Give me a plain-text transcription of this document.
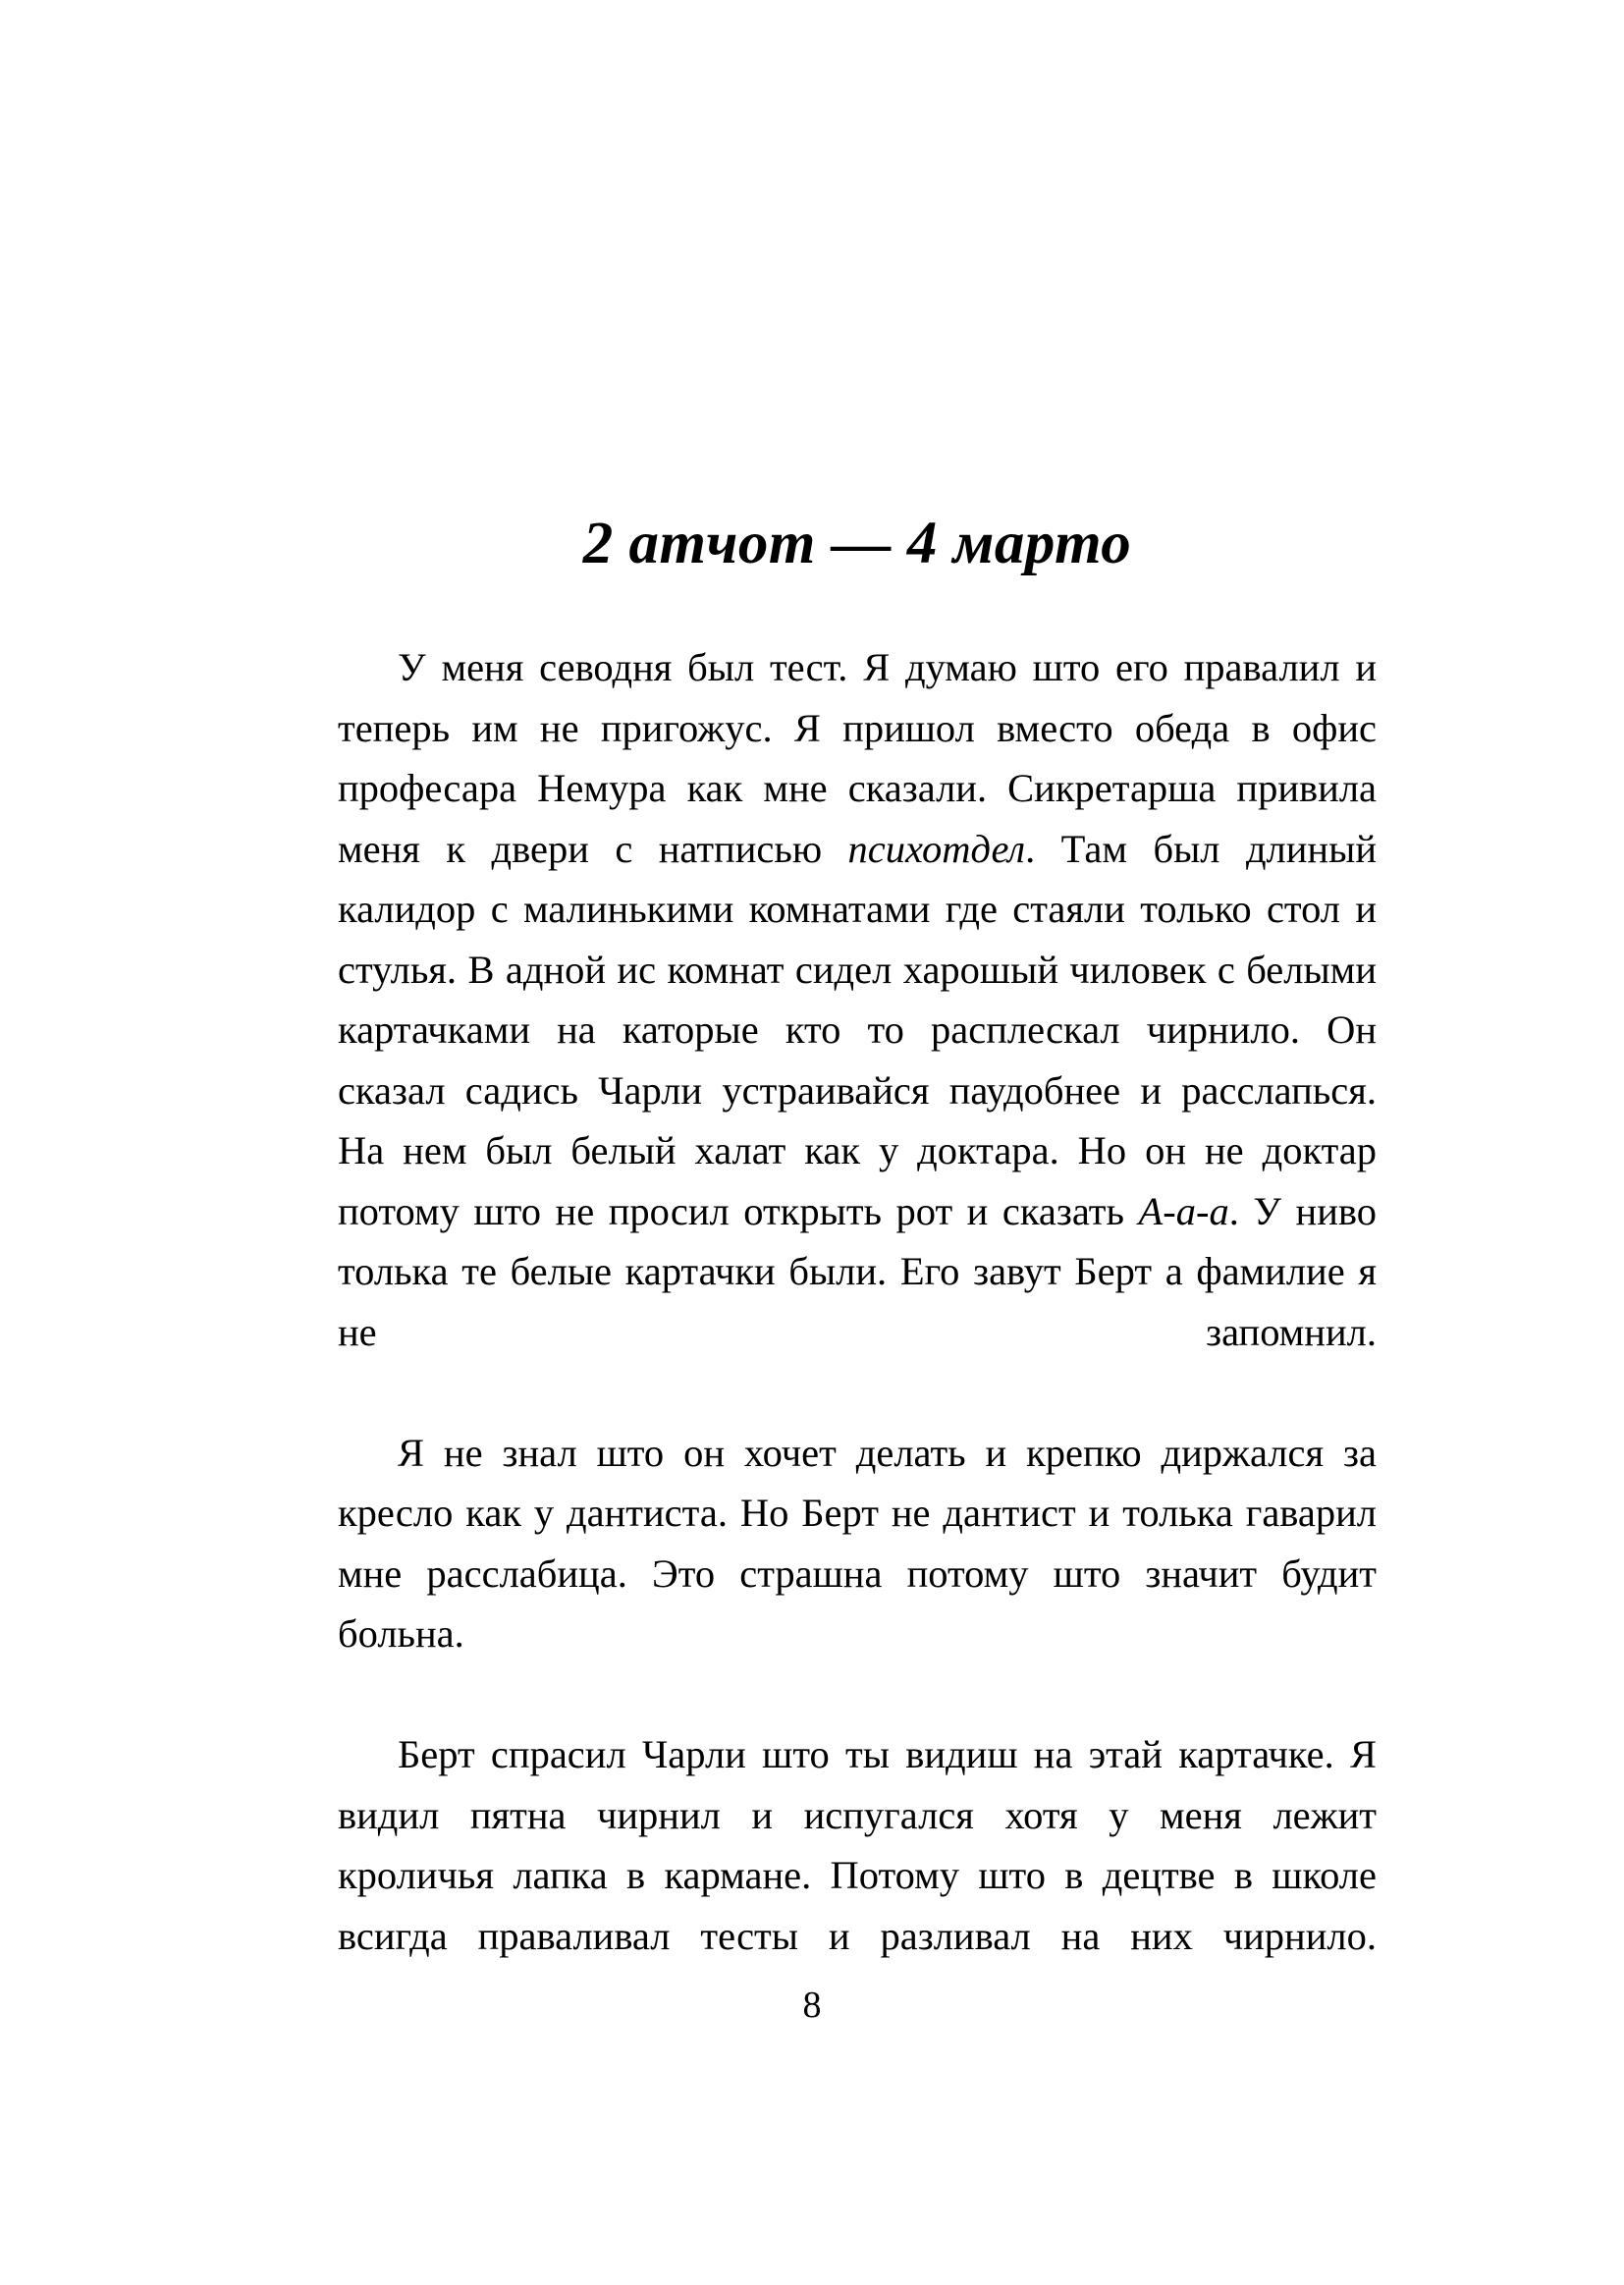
2 атчот — 4 марто

У меня севодня был тест. Я думаю што его правалил и теперь им не пригожус. Я пришол вместо обеда в офис професара Немура как мне сказали. Сикретарша привила меня к двери с натписью психотдел. Там был длиный калидор с малинькими комнатами где стаяли только стол и стулья. В адной ис комнат сидел харошый чиловек с белыми картачками на каторые кто то расплескал чирнило. Он сказал садись Чарли устраивайся паудобнее и расслапься. На нем был белый халат как у доктара. Но он не доктар потому што не просил открыть рот и сказать А-а-а. У ниво толька те белые картачки были. Его завут Берт а фамилие я не запомнил.

Я не знал што он хочет делать и крепко диржался за кресло как у дантиста. Но Берт не дантист и толька гаварил мне расслабица. Это страшна потому што значит будит больна.

Берт спрасил Чарли што ты видиш на этай картачке. Я видил пятна чирнил и испугался хотя у меня лежит кроличья лапка в кармане. Потому што в децтве в школе всигда праваливал тесты и разливал на них чирнило.

8
